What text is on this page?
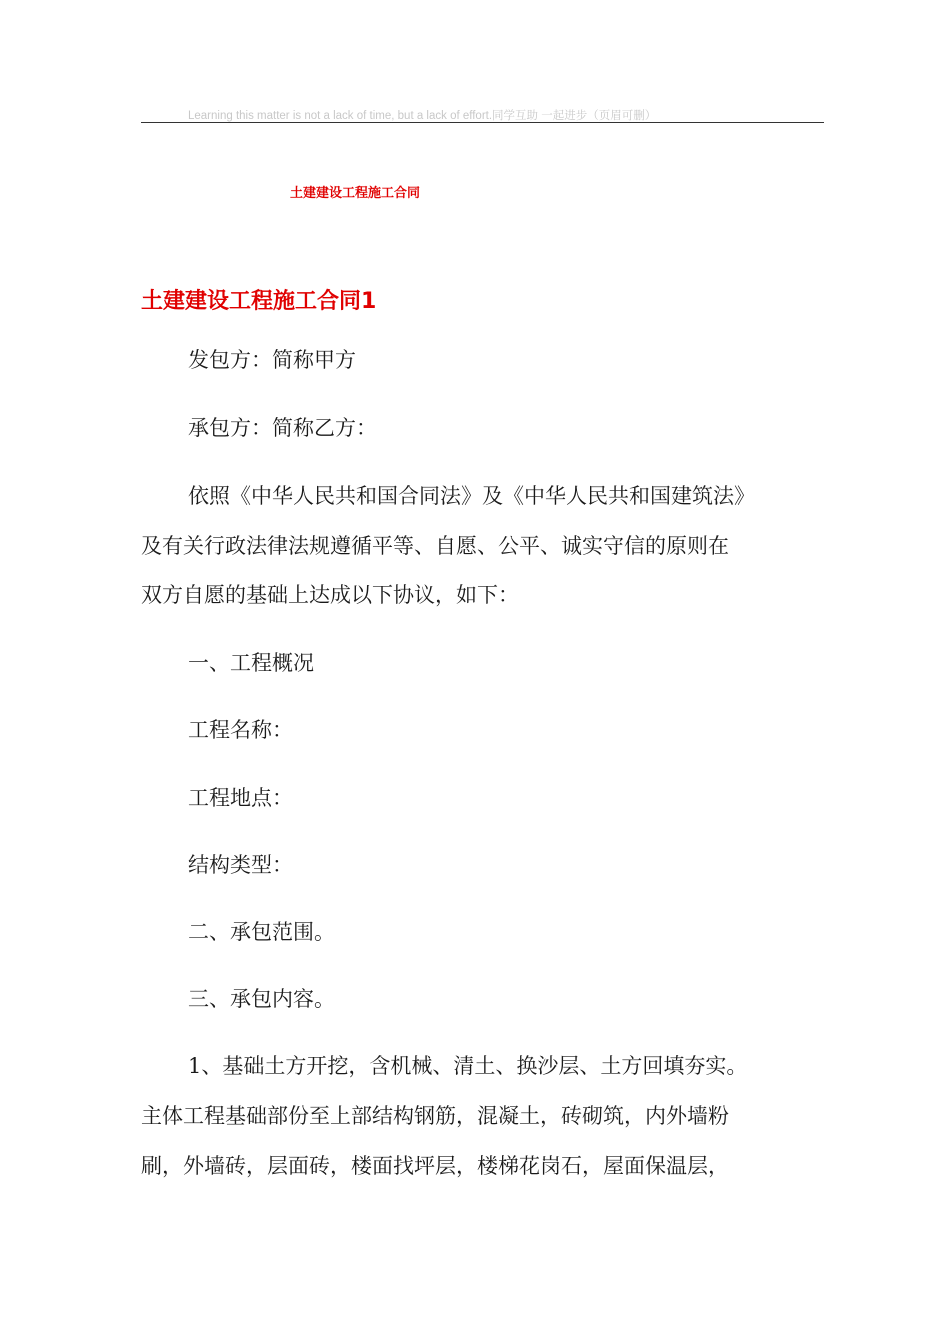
Learning this matter is not a lack of time, but a lack of effort.同学互助 一起进步（页眉可删）
土建建设工程施工合同
土建建设工程施工合同1
发包方：简称甲方
承包方：简称乙方：
依照《中华人民共和国合同法》及《中华人民共和国建筑法》
及有关行政法律法规遵循平等、自愿、公平、诚实守信的原则在
双方自愿的基础上达成以下协议，如下：
一、工程概况
工程名称：
工程地点：
结构类型：
二、承包范围。
三、承包内容。
1、基础土方开挖，含机械、清土、换沙层、土方回填夯实。
主体工程基础部份至上部结构钢筋，混凝土，砖砌筑，内外墙粉
刷，外墙砖，层面砖，楼面找坪层，楼梯花岗石，屋面保温层，
